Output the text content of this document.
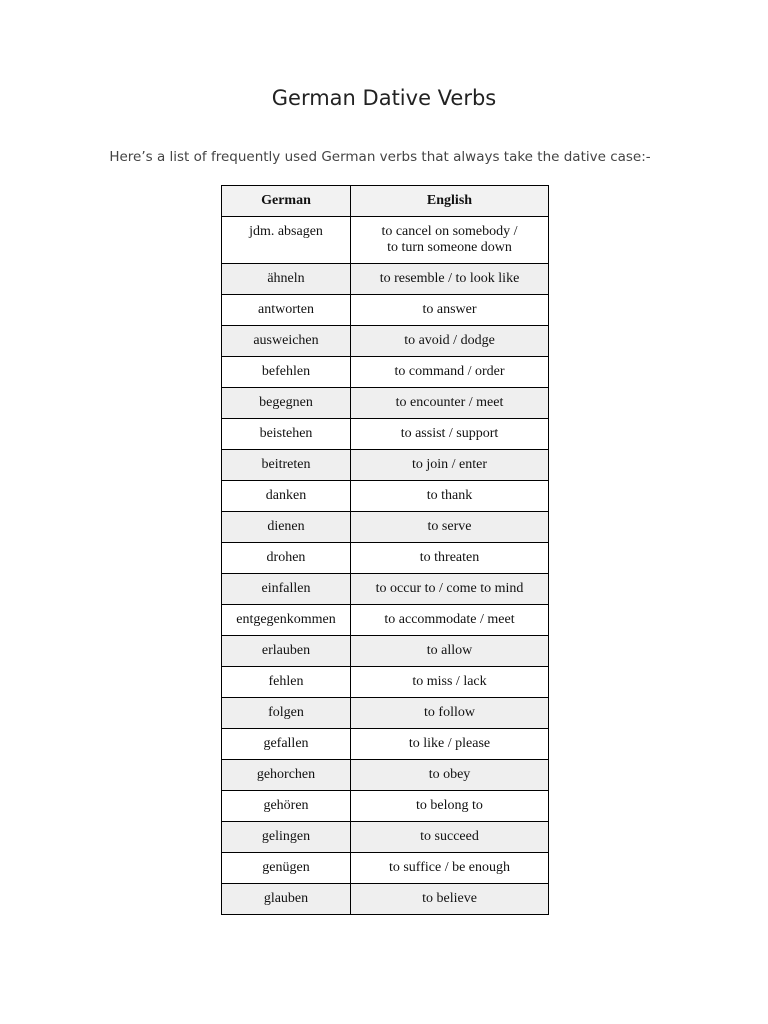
German Dative Verbs

Here’s a list of frequently used German verbs that always take the dative case:-

German	English
jdm. absagen	to cancel on somebody /
to turn someone down

ähneln	to resemble / to look like
antworten	to answer
ausweichen	to avoid / dodge
befehlen	to command / order
begegnen	to encounter / meet
beistehen	to assist / support
beitreten	to join / enter
danken	to thank
dienen	to serve
drohen	to threaten
einfallen	to occur to / come to mind
entgegenkommen	to accommodate / meet
erlauben	to allow
fehlen	to miss / lack
folgen	to follow
gefallen	to like / please
gehorchen	to obey
gehören	to belong to
gelingen	to succeed
genügen	to suffice / be enough
glauben	to believe
